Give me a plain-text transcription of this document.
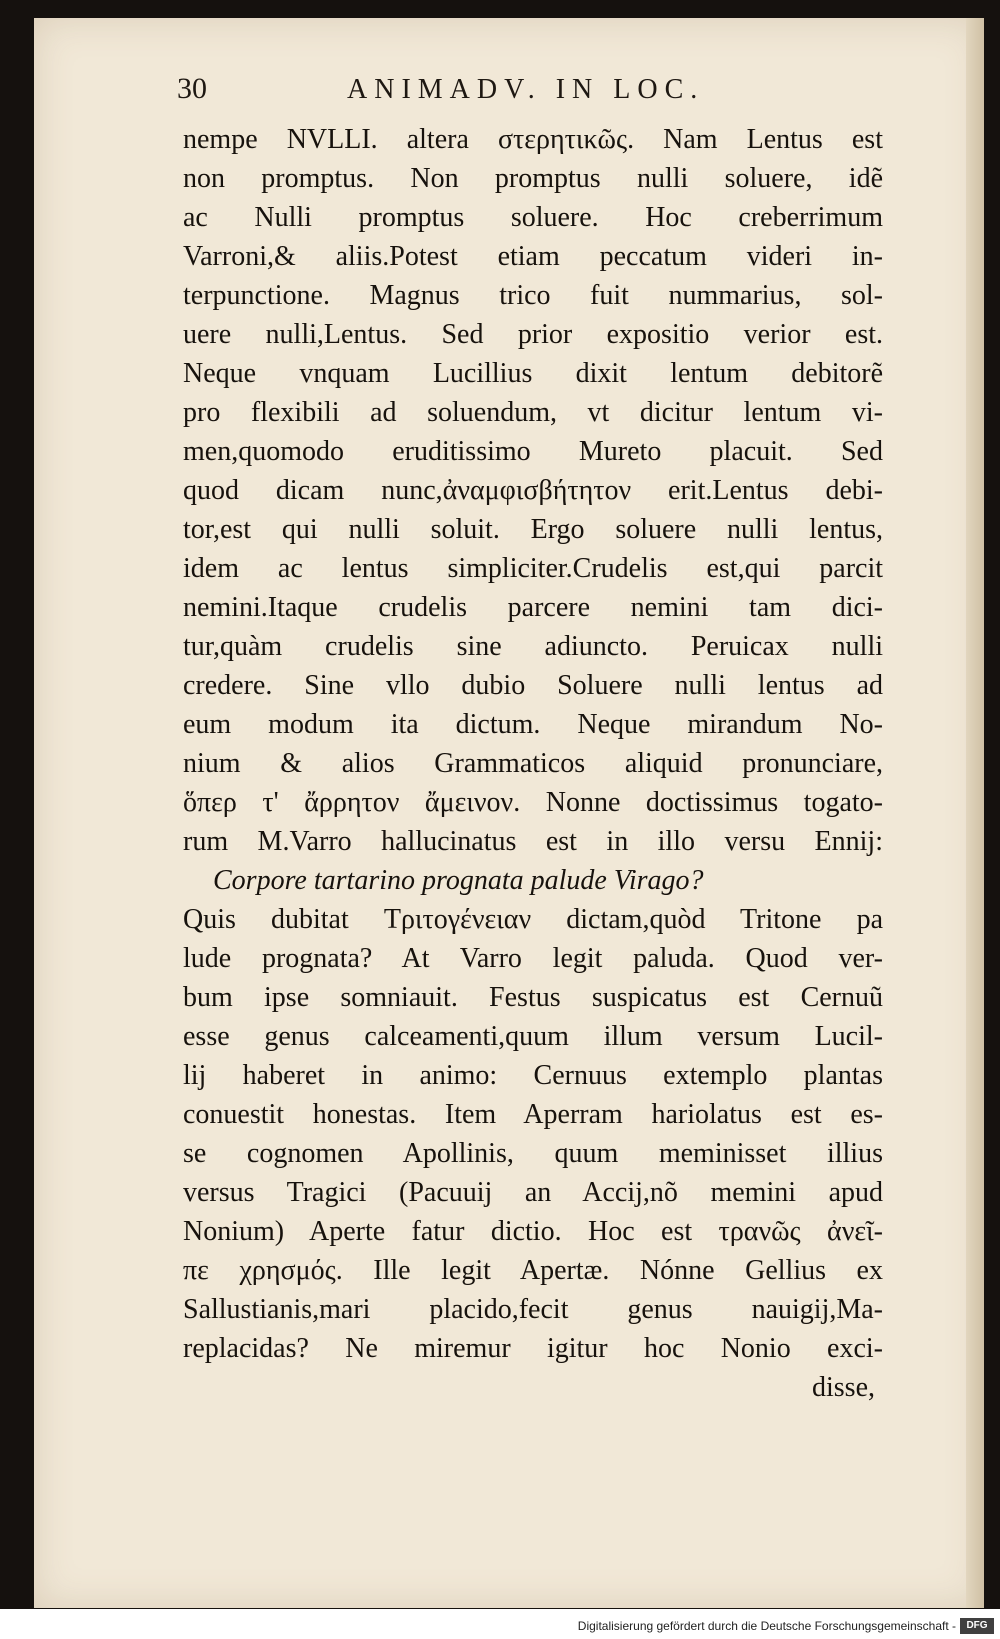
30	ANIMADV. IN LOC.
nempe NVLLI. altera στερητικῶς. Nam Lentus est
non promptus. Non promptus nulli soluere, idẽ
ac Nulli promptus soluere. Hoc creberrimum
Varroni,& aliis.Potest etiam peccatum videri in-
terpunctione. Magnus trico fuit nummarius, sol-
uere nulli,Lentus. Sed prior expositio verior est.
Neque vnquam Lucillius dixit lentum debitorẽ
pro flexibili ad soluendum, vt dicitur lentum vi-
men,quomodo eruditissimo Mureto placuit. Sed
quod dicam nunc,ἀναμφισβήτητον erit.Lentus debi-
tor,est qui nulli soluit. Ergo soluere nulli lentus,
idem ac lentus simpliciter.Crudelis est,qui parcit
nemini.Itaque crudelis parcere nemini tam dici-
tur,quàm crudelis sine adiuncto. Peruicax nulli
credere. Sine vllo dubio Soluere nulli lentus ad
eum modum ita dictum. Neque mirandum No-
nium & alios Grammaticos aliquid pronunciare,
ὅπερ τ' ἄρρητον ἄμεινον. Nonne doctissimus togato-
rum M.Varro hallucinatus est in illo versu Ennij:
Corpore tartarino prognata palude Virago?
Quis dubitat Τριτογένειαν dictam,quòd Tritone pa
lude prognata? At Varro legit paluda. Quod ver-
bum ipse somniauit. Festus suspicatus est Cernuũ
esse genus calceamenti,quum illum versum Lucil-
lij haberet in animo: Cernuus extemplo plantas
conuestit honestas. Item Aperram hariolatus est es-
se cognomen Apollinis, quum meminisset illius
versus Tragici (Pacuuij an Accij,nõ memini apud
Nonium) Aperte fatur dictio. Hoc est τρανῶς ἀνεῖ-
πε χρησμός. Ille legit Apertæ. Nónne Gellius ex
Sallustianis,mari placido,fecit genus nauigij,Ma-
replacidas? Ne miremur igitur hoc Nonio exci-
disse,
Digitalisierung gefördert durch die Deutsche Forschungsgemeinschaft -	DFG
